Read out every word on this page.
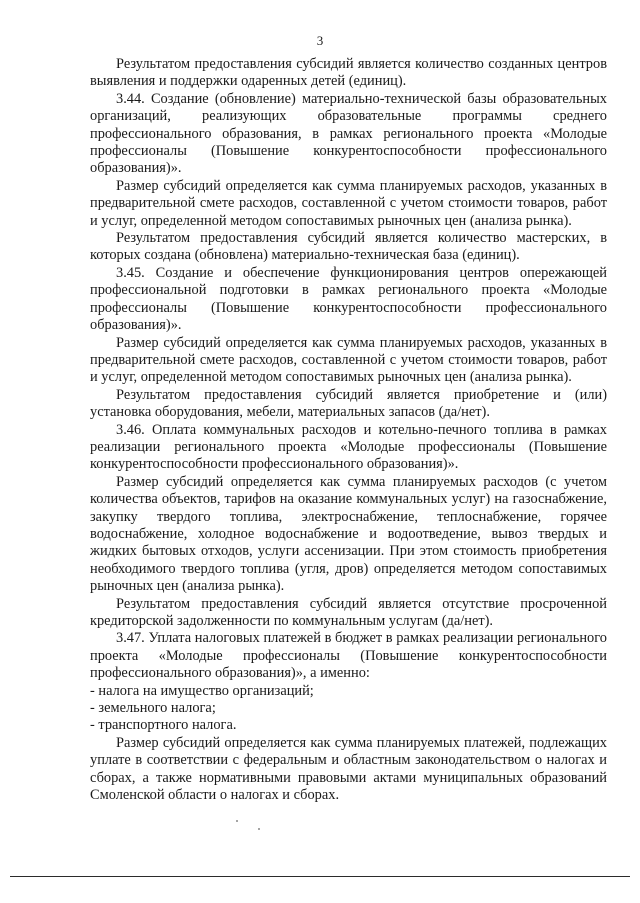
3

Результатом предоставления субсидий является количество созданных центров выявления и поддержки одаренных детей (единиц).

3.44. Создание (обновление) материально-технической базы образовательных организаций, реализующих образовательные программы среднего профессионального образования, в рамках регионального проекта «Молодые профессионалы (Повышение конкурентоспособности профессионального образования)».

Размер субсидий определяется как сумма планируемых расходов, указанных в предварительной смете расходов, составленной с учетом стоимости товаров, работ и услуг, определенной методом сопоставимых рыночных цен (анализа рынка).

Результатом предоставления субсидий является количество мастерских, в которых создана (обновлена) материально-техническая база (единиц).

3.45. Создание и обеспечение функционирования центров опережающей профессиональной подготовки в рамках регионального проекта «Молодые профессионалы (Повышение конкурентоспособности профессионального образования)».

Размер субсидий определяется как сумма планируемых расходов, указанных в предварительной смете расходов, составленной с учетом стоимости товаров, работ и услуг, определенной методом сопоставимых рыночных цен (анализа рынка).

Результатом предоставления субсидий является приобретение и (или) установка оборудования, мебели, материальных запасов (да/нет).

3.46. Оплата коммунальных расходов и котельно-печного топлива в рамках реализации регионального проекта «Молодые профессионалы (Повышение конкурентоспособности профессионального образования)».

Размер субсидий определяется как сумма планируемых расходов (с учетом количества объектов, тарифов на оказание коммунальных услуг) на газоснабжение, закупку твердого топлива, электроснабжение, теплоснабжение, горячее водоснабжение, холодное водоснабжение и водоотведение, вывоз твердых и жидких бытовых отходов, услуги ассенизации. При этом стоимость приобретения необходимого твердого топлива (угля, дров) определяется методом сопоставимых рыночных цен (анализа рынка).

Результатом предоставления субсидий является отсутствие просроченной кредиторской задолженности по коммунальным услугам (да/нет).

3.47. Уплата налоговых платежей в бюджет в рамках реализации регионального проекта «Молодые профессионалы (Повышение конкурентоспособности профессионального образования)», а именно:

- налога на имущество организаций;

- земельного налога;

- транспортного налога.

Размер субсидий определяется как сумма планируемых платежей, подлежащих уплате в соответствии с федеральным и областным законодательством о налогах и сборах, а также нормативными правовыми актами муниципальных образований Смоленской области о налогах и сборах.
